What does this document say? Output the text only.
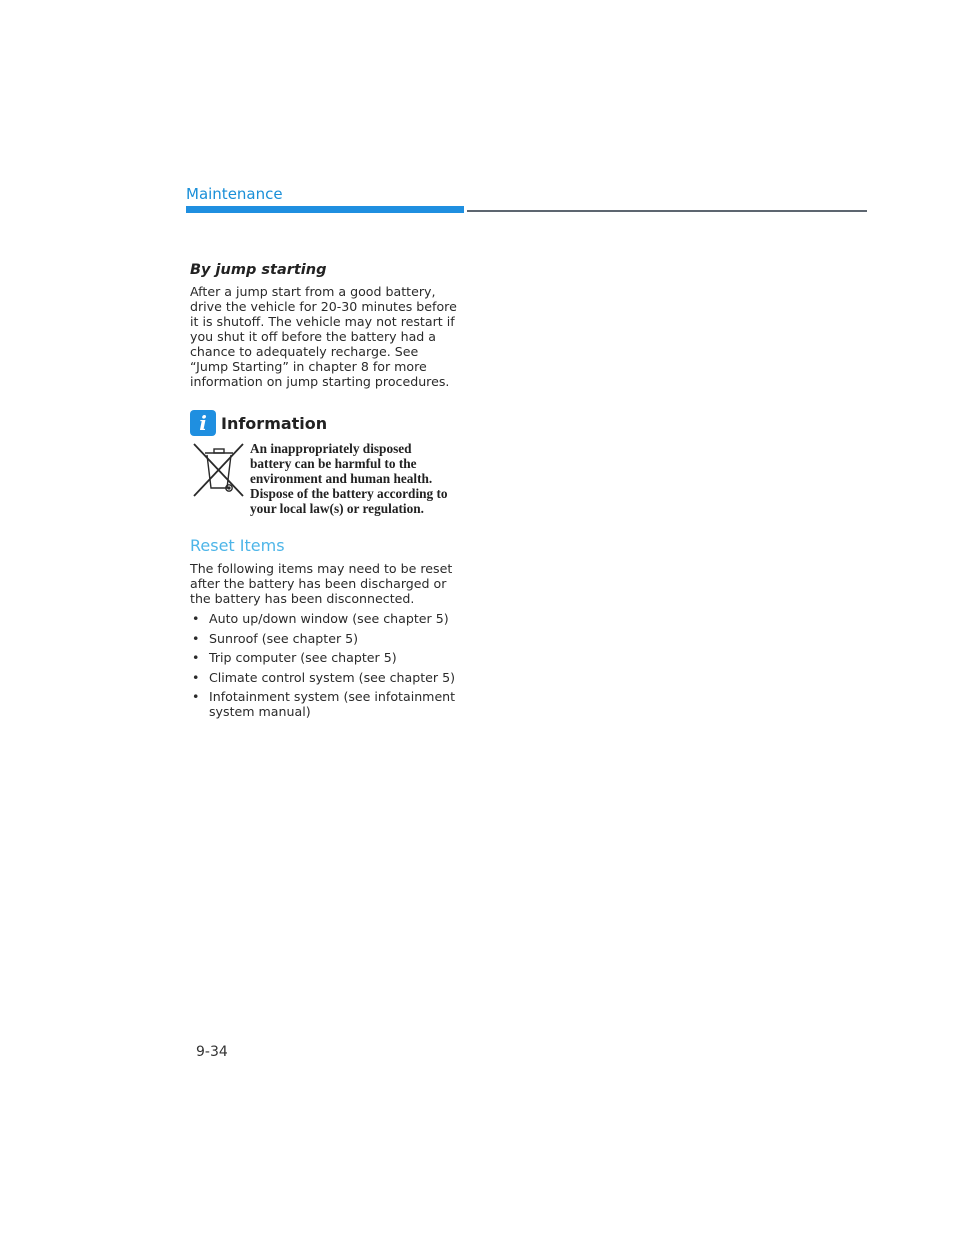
Maintenance

By jump starting

After a jump start from a good battery, drive the vehicle for 20-30 minutes before it is shutoff. The vehicle may not restart if you shut it off before the battery had a chance to adequately recharge. See “Jump Starting” in chapter 8 for more information on jump starting procedures.

i Information

An inappropriately disposed battery can be harmful to the environment and human health. Dispose of the battery according to your local law(s) or regulation.

Reset Items

The following items may need to be reset after the battery has been discharged or the battery has been disconnected.

• Auto up/down window (see chapter 5)
• Sunroof (see chapter 5)
• Trip computer (see chapter 5)
• Climate control system (see chapter 5)
• Infotainment system (see infotainment system manual)
9-34
